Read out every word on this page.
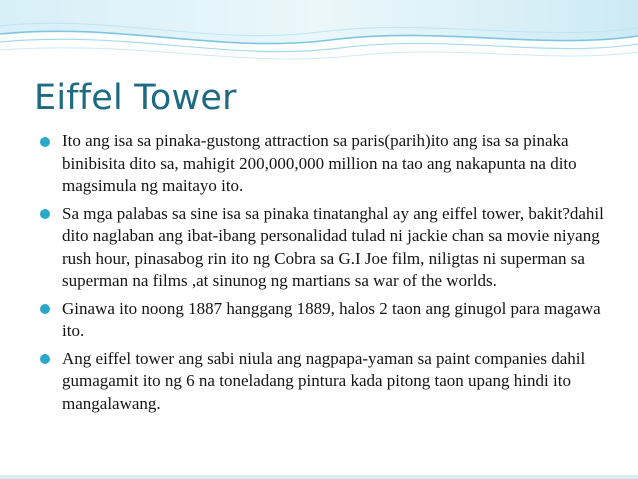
Eiffel Tower
Ito ang isa sa pinaka-gustong attraction sa paris(parih)ito ang isa sa pinaka binibisita dito sa, mahigit 200,000,000 million na tao ang nakapunta na dito magsimula ng maitayo ito.
Sa mga palabas sa sine isa sa pinaka tinatanghal ay ang eiffel tower, bakit?dahil dito naglaban ang ibat-ibang personalidad tulad ni jackie chan sa movie niyang rush hour, pinasabog rin ito ng Cobra sa G.I Joe film, niligtas ni superman sa superman na films ,at sinunog ng martians sa war of the worlds.
Ginawa ito noong 1887 hanggang 1889, halos 2 taon ang ginugol para magawa ito.
Ang eiffel tower ang sabi niula ang nagpapa-yaman sa paint companies dahil gumagamit ito ng 6 na toneladang pintura kada pitong taon upang hindi ito mangalawang.
